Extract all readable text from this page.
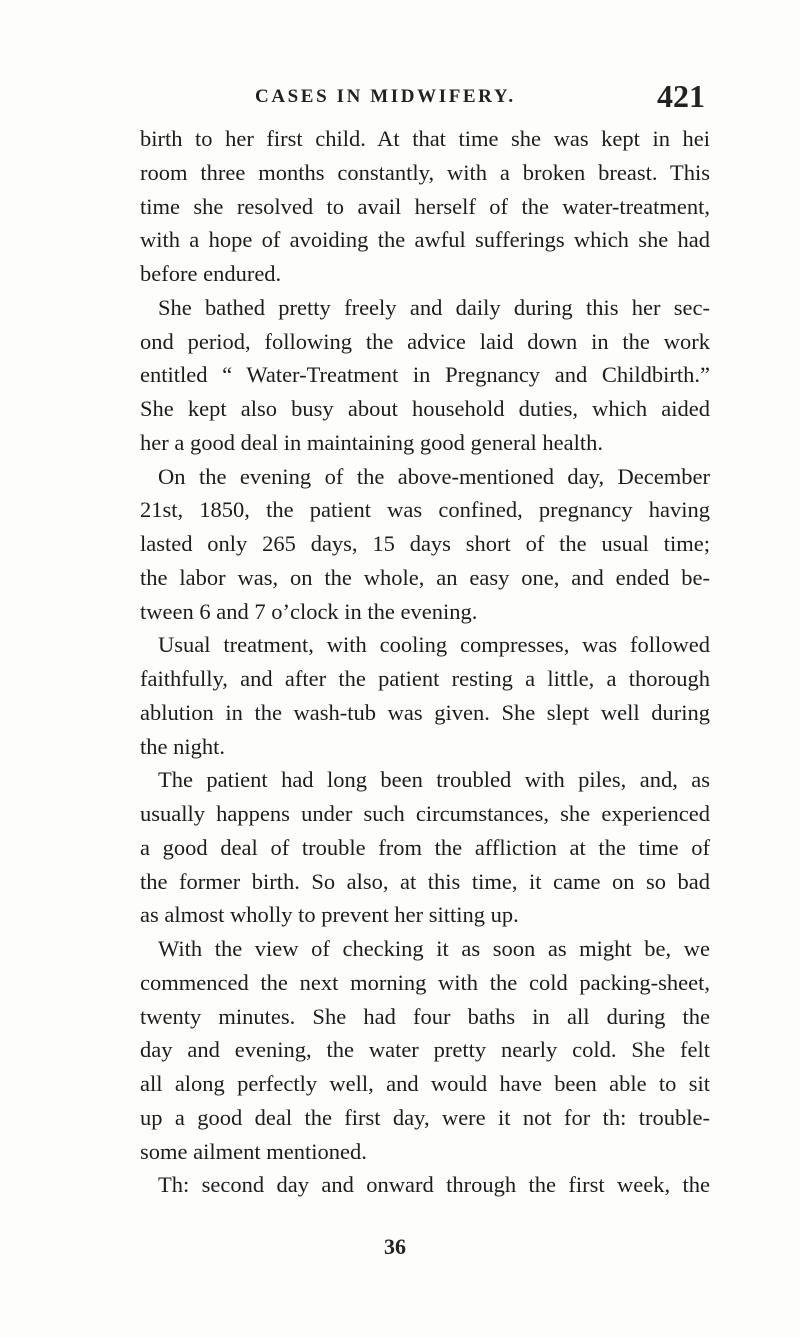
CASES IN MIDWIFERY.	421
birth to her first child. At that time she was kept in hei
room three months constantly, with a broken breast. This
time she resolved to avail herself of the water-treatment,
with a hope of avoiding the awful sufferings which she had
before endured.
She bathed pretty freely and daily during this her sec-
ond period, following the advice laid down in the work
entitled “ Water-Treatment in Pregnancy and Childbirth.”
She kept also busy about household duties, which aided
her a good deal in maintaining good general health.
On the evening of the above-mentioned day, December
21st, 1850, the patient was confined, pregnancy having
lasted only 265 days, 15 days short of the usual time;
the labor was, on the whole, an easy one, and ended be-
tween 6 and 7 o’clock in the evening.
Usual treatment, with cooling compresses, was followed
faithfully, and after the patient resting a little, a thorough
ablution in the wash-tub was given. She slept well during
the night.
The patient had long been troubled with piles, and, as
usually happens under such circumstances, she experienced
a good deal of trouble from the affliction at the time of
the former birth. So also, at this time, it came on so bad
as almost wholly to prevent her sitting up.
With the view of checking it as soon as might be, we
commenced the next morning with the cold packing-sheet,
twenty minutes. She had four baths in all during the
day and evening, the water pretty nearly cold. She felt
all along perfectly well, and would have been able to sit
up a good deal the first day, were it not for th: trouble-
some ailment mentioned.
Th: second day and onward through the first week, the
36
